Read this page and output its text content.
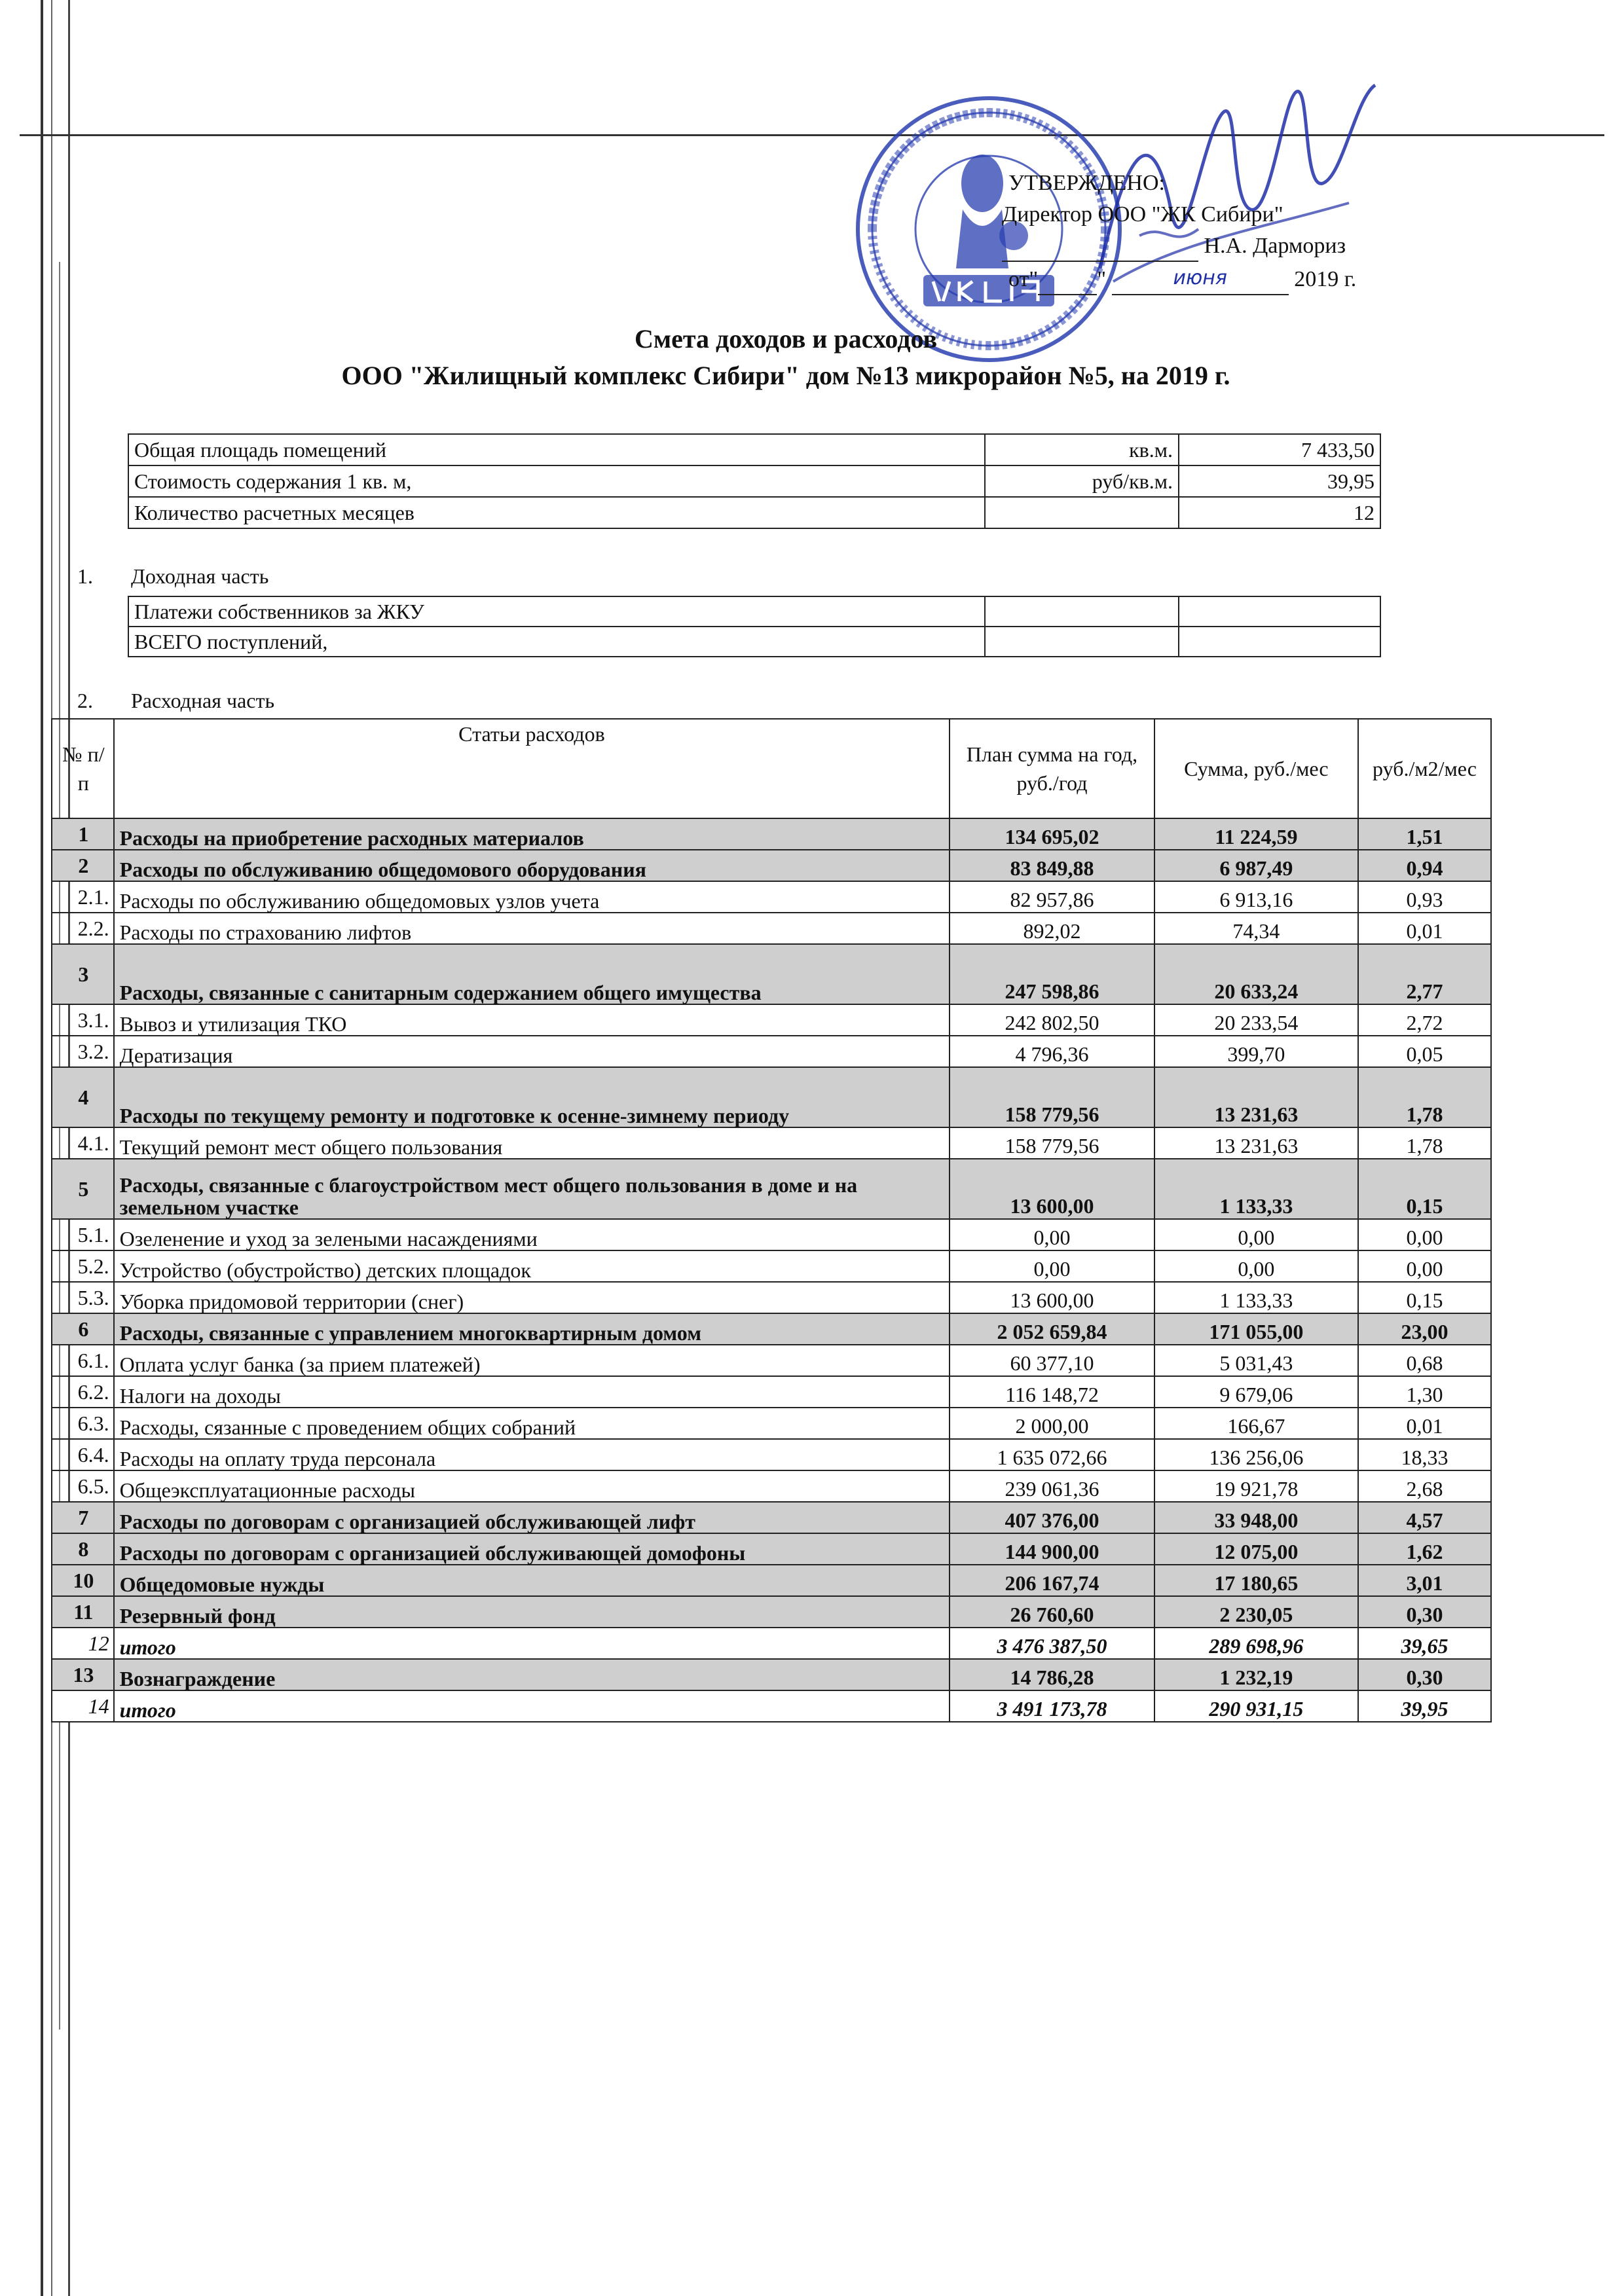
УТВЕРЖДЕНО:
Директор ООО "ЖК Сибири"
Н.А. Дармориз
от"	"	июня	2019 г.
Смета доходов и расходов
ООО "Жилищный комплекс Сибири" дом №13 микрорайон №5, на 2019 г.
Общая площадь помещений	кв.м.	7 433,50
Стоимость содержания 1 кв. м,	руб/кв.м.	39,95
Количество расчетных месяцев		12
1. Доходная часть
Платежи собственников за ЖКУ		
ВСЕГО поступлений,		
2. Расходная часть
№ п/п	Статьи расходов	План сумма на год, руб./год	Сумма, руб./мес	руб./м2/мес
1	Расходы на приобретение расходных материалов	134 695,02	11 224,59	1,51
2	Расходы по обслуживанию общедомового оборудования	83 849,88	6 987,49	0,94
2.1.	Расходы по обслуживанию общедомовых узлов учета	82 957,86	6 913,16	0,93
2.2.	Расходы по страхованию лифтов	892,02	74,34	0,01
3	Расходы, связанные с санитарным содержанием общего имущества	247 598,86	20 633,24	2,77
3.1.	Вывоз и утилизация ТКО	242 802,50	20 233,54	2,72
3.2.	Дератизация	4 796,36	399,70	0,05
4	Расходы по текущему ремонту и подготовке к осенне-зимнему периоду	158 779,56	13 231,63	1,78
4.1.	Текущий ремонт мест общего пользования	158 779,56	13 231,63	1,78
5	Расходы, связанные с благоустройством мест общего пользования в доме и на земельном участке	13 600,00	1 133,33	0,15
5.1.	Озеленение и уход за зелеными насаждениями	0,00	0,00	0,00
5.2.	Устройство (обустройство) детских площадок	0,00	0,00	0,00
5.3.	Уборка придомовой территории (снег)	13 600,00	1 133,33	0,15
6	Расходы, связанные с управлением многоквартирным домом	2 052 659,84	171 055,00	23,00
6.1.	Оплата услуг банка (за прием платежей)	60 377,10	5 031,43	0,68
6.2.	Налоги на доходы	116 148,72	9 679,06	1,30
6.3.	Расходы, сязанные с проведением общих собраний	2 000,00	166,67	0,01
6.4.	Расходы на оплату труда персонала	1 635 072,66	136 256,06	18,33
6.5.	Общеэксплуатационные расходы	239 061,36	19 921,78	2,68
7	Расходы по договорам с организацией обслуживающей лифт	407 376,00	33 948,00	4,57
8	Расходы по договорам с организацией обслуживающей домофоны	144 900,00	12 075,00	1,62
10	Общедомовые нужды	206 167,74	17 180,65	3,01
11	Резервный фонд	26 760,60	2 230,05	0,30
12	итого	3 476 387,50	289 698,96	39,65
13	Вознаграждение	14 786,28	1 232,19	0,30
14	итого	3 491 173,78	290 931,15	39,95
